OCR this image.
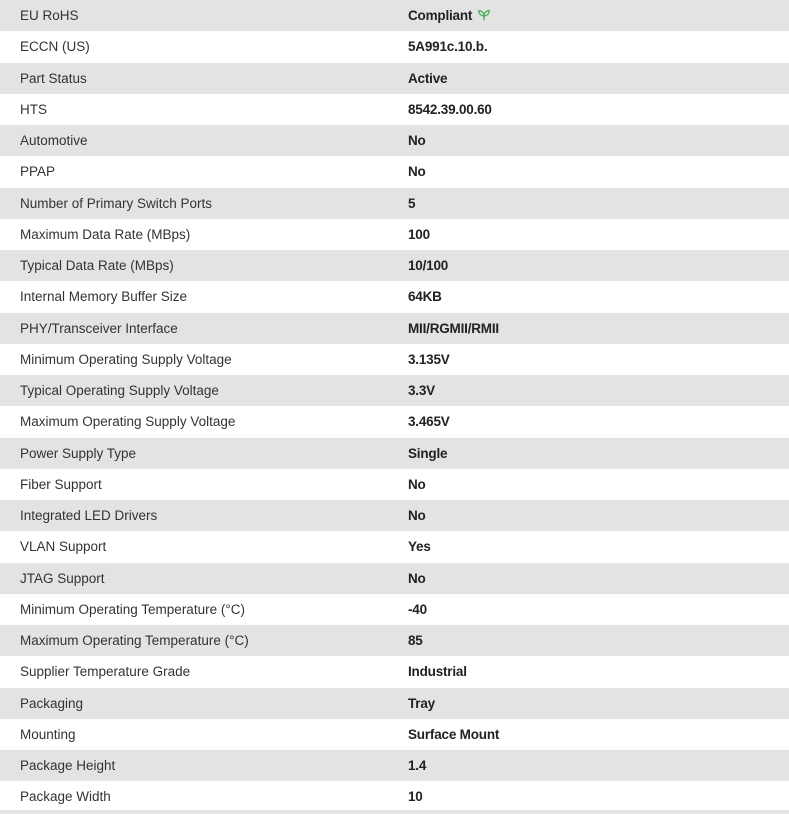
EU RoHS	Compliant
ECCN (US)	5A991c.10.b.
Part Status	Active
HTS	8542.39.00.60
Automotive	No
PPAP	No
Number of Primary Switch Ports	5
Maximum Data Rate (MBps)	100
Typical Data Rate (MBps)	10/100
Internal Memory Buffer Size	64KB
PHY/Transceiver Interface	MII/RGMII/RMII
Minimum Operating Supply Voltage	3.135V
Typical Operating Supply Voltage	3.3V
Maximum Operating Supply Voltage	3.465V
Power Supply Type	Single
Fiber Support	No
Integrated LED Drivers	No
VLAN Support	Yes
JTAG Support	No
Minimum Operating Temperature (°C)	-40
Maximum Operating Temperature (°C)	85
Supplier Temperature Grade	Industrial
Packaging	Tray
Mounting	Surface Mount
Package Height	1.4
Package Width	10
